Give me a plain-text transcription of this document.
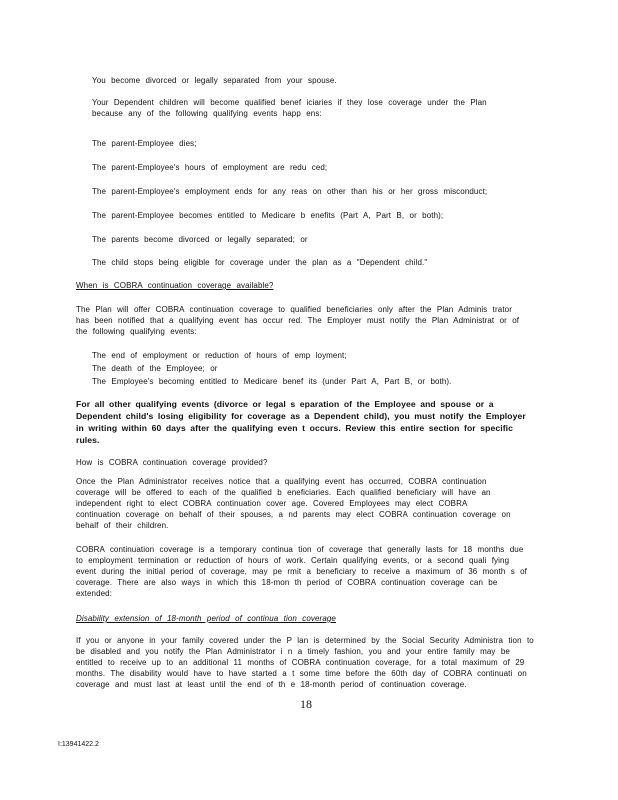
You become divorced or legally separated from your spouse.
Your Dependent children will become qualified benef iciaries if they lose coverage under the Plan
because any of the following qualifying events happ ens:
The parent-Employee dies;
The parent-Employee's hours of employment are redu ced;
The parent-Employee's employment ends for any reas on other than his or her gross misconduct;
The parent-Employee becomes entitled to Medicare b enefits (Part A, Part B, or both);
The parents become divorced or legally separated; or
The child stops being eligible for coverage under the plan as a "Dependent child."
When is COBRA continuation coverage available?
The Plan will offer COBRA continuation coverage to qualified beneficiaries only after the Plan Adminis trator
has been notified that a qualifying event has occur red. The Employer must notify the Plan Administrat or of
the following qualifying events:
The end of employment or reduction of hours of emp loyment;
The death of the Employee; or
The Employee's becoming entitled to Medicare benef its (under Part A, Part B, or both).
For all other qualifying events (divorce or legal s eparation of the Employee and spouse or a
Dependent child's losing eligibility for coverage as a Dependent child), you must notify the Employer
in writing within 60 days after the qualifying even t occurs. Review this entire section for specific
rules.
How is COBRA continuation coverage provided?
Once the Plan Administrator receives notice that a qualifying event has occurred, COBRA continuation
coverage will be offered to each of the qualified b eneficiaries. Each qualified beneficiary will have an
independent right to elect COBRA continuation cover age. Covered Employees may elect COBRA
continuation coverage on behalf of their spouses, a nd parents may elect COBRA continuation coverage on
behalf of their children.
COBRA continuation coverage is a temporary continua tion of coverage that generally lasts for 18 months due
to employment termination or reduction of hours of work. Certain qualifying events, or a second quali fying
event during the initial period of coverage, may pe rmit a beneficiary to receive a maximum of 36 month s of
coverage. There are also ways in which this 18-mon th period of COBRA continuation coverage can be
extended:
Disability extension of 18-month period of continua tion coverage
If you or anyone in your family covered under the P lan is determined by the Social Security Administra tion to
be disabled and you notify the Plan Administrator i n a timely fashion, you and your entire family may be
entitled to receive up to an additional 11 months of COBRA continuation coverage, for a total maximum of 29
months. The disability would have to have started a t some time before the 60th day of COBRA continuati on
coverage and must last at least until the end of th e 18-month period of continuation coverage.
18
I:13941422.2
